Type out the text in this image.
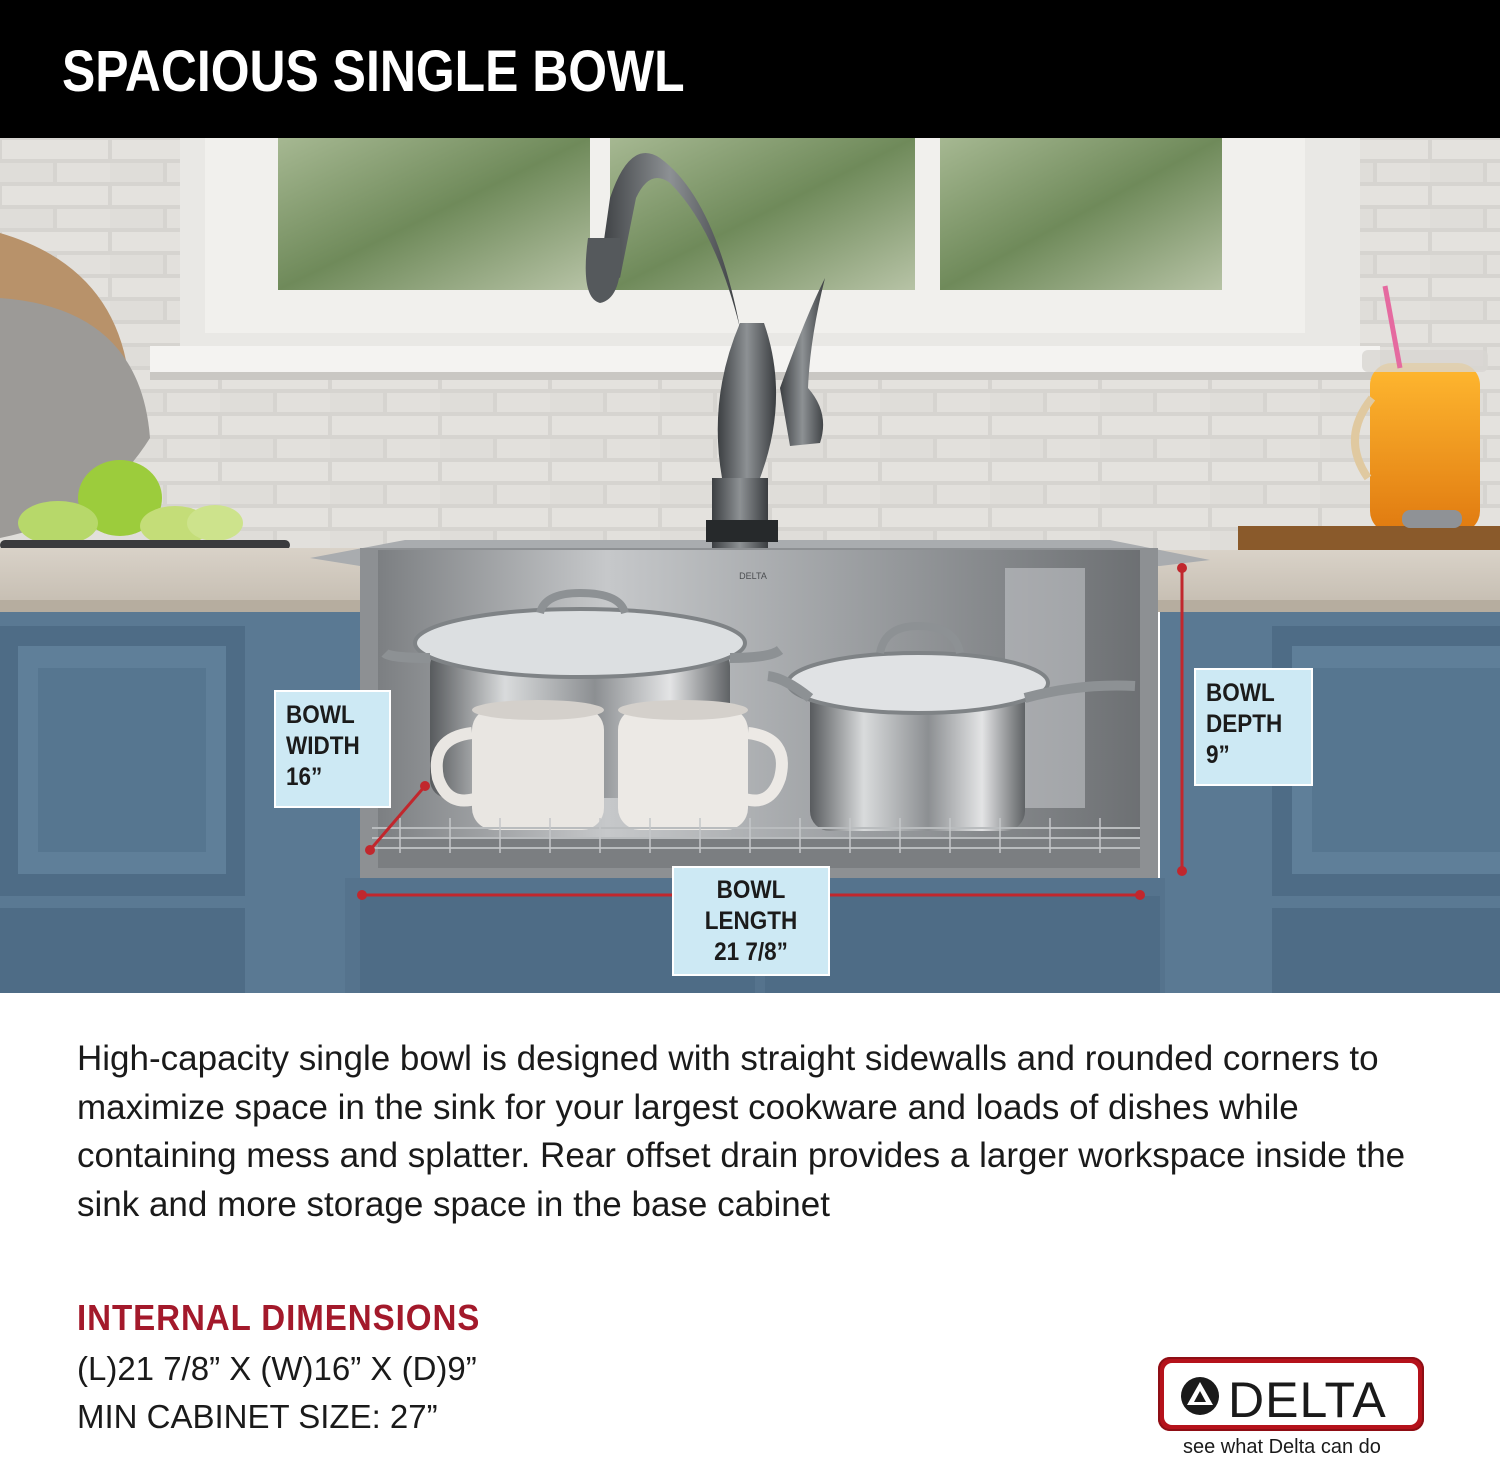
SPACIOUS SINGLE BOWL
DELTA
BOWL
WIDTH
16”
BOWL
DEPTH
9”
BOWL
LENGTH
21 7/8”
High-capacity single bowl is designed with straight sidewalls and rounded corners to maximize space in the sink for your largest cookware and loads of dishes while containing mess and splatter. Rear offset drain provides a larger workspace inside the sink and more storage space in the base cabinet
INTERNAL DIMENSIONS
(L)21 7/8” X (W)16” X (D)9”
MIN CABINET SIZE: 27”	DELTA
see what Delta can do
